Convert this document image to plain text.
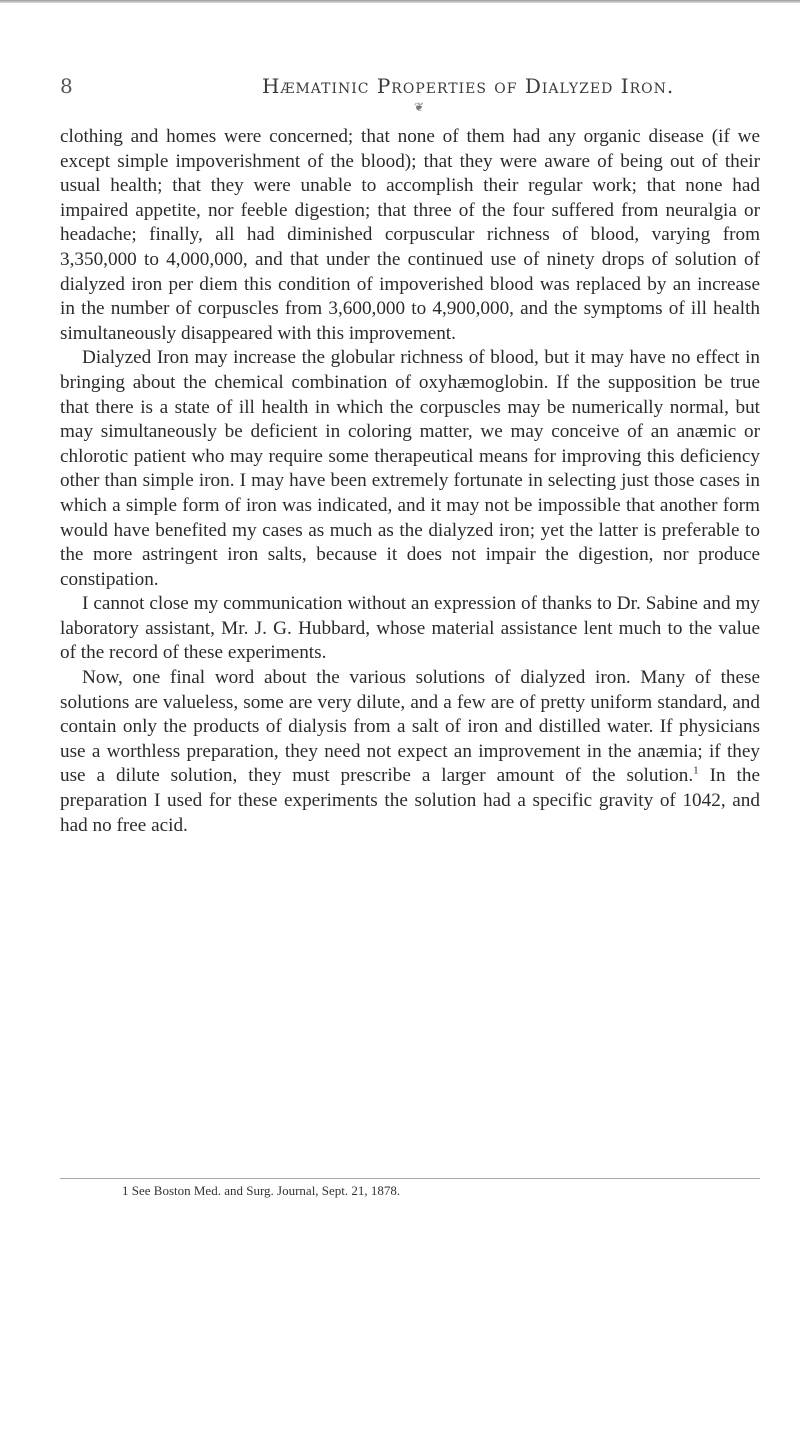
8	Hæmatinic Properties of Dialyzed Iron.
❦

clothing and homes were concerned; that none of them had any organic disease (if we except simple impoverishment of the blood); that they were aware of being out of their usual health; that they were unable to accomplish their regular work; that none had impaired appetite, nor feeble digestion; that three of the four suffered from neuralgia or headache; finally, all had diminished corpuscular richness of blood, varying from 3,350,000 to 4,000,000, and that under the continued use of ninety drops of solution of dialyzed iron per diem this condition of impoverished blood was replaced by an increase in the number of corpuscles from 3,600,000 to 4,900,000, and the symptoms of ill health simultaneously disappeared with this improvement.

Dialyzed Iron may increase the globular richness of blood, but it may have no effect in bringing about the chemical combination of oxyhæmoglobin. If the supposition be true that there is a state of ill health in which the corpuscles may be numerically normal, but may simultaneously be deficient in coloring matter, we may conceive of an anæmic or chlorotic patient who may require some therapeutical means for improving this deficiency other than simple iron. I may have been extremely fortunate in selecting just those cases in which a simple form of iron was indicated, and it may not be impossible that another form would have benefited my cases as much as the dialyzed iron; yet the latter is preferable to the more astringent iron salts, because it does not impair the digestion, nor produce constipation.

I cannot close my communication without an expression of thanks to Dr. Sabine and my laboratory assistant, Mr. J. G. Hubbard, whose material assistance lent much to the value of the record of these experiments.

Now, one final word about the various solutions of dialyzed iron. Many of these solutions are valueless, some are very dilute, and a few are of pretty uniform standard, and contain only the products of dialysis from a salt of iron and distilled water. If physicians use a worthless preparation, they need not expect an improvement in the anæmia; if they use a dilute solution, they must prescribe a larger amount of the solution.$^1$ In the preparation I used for these experiments the solution had a specific gravity of 1042, and had no free acid.

1 See Boston Med. and Surg. Journal, Sept. 21, 1878.
